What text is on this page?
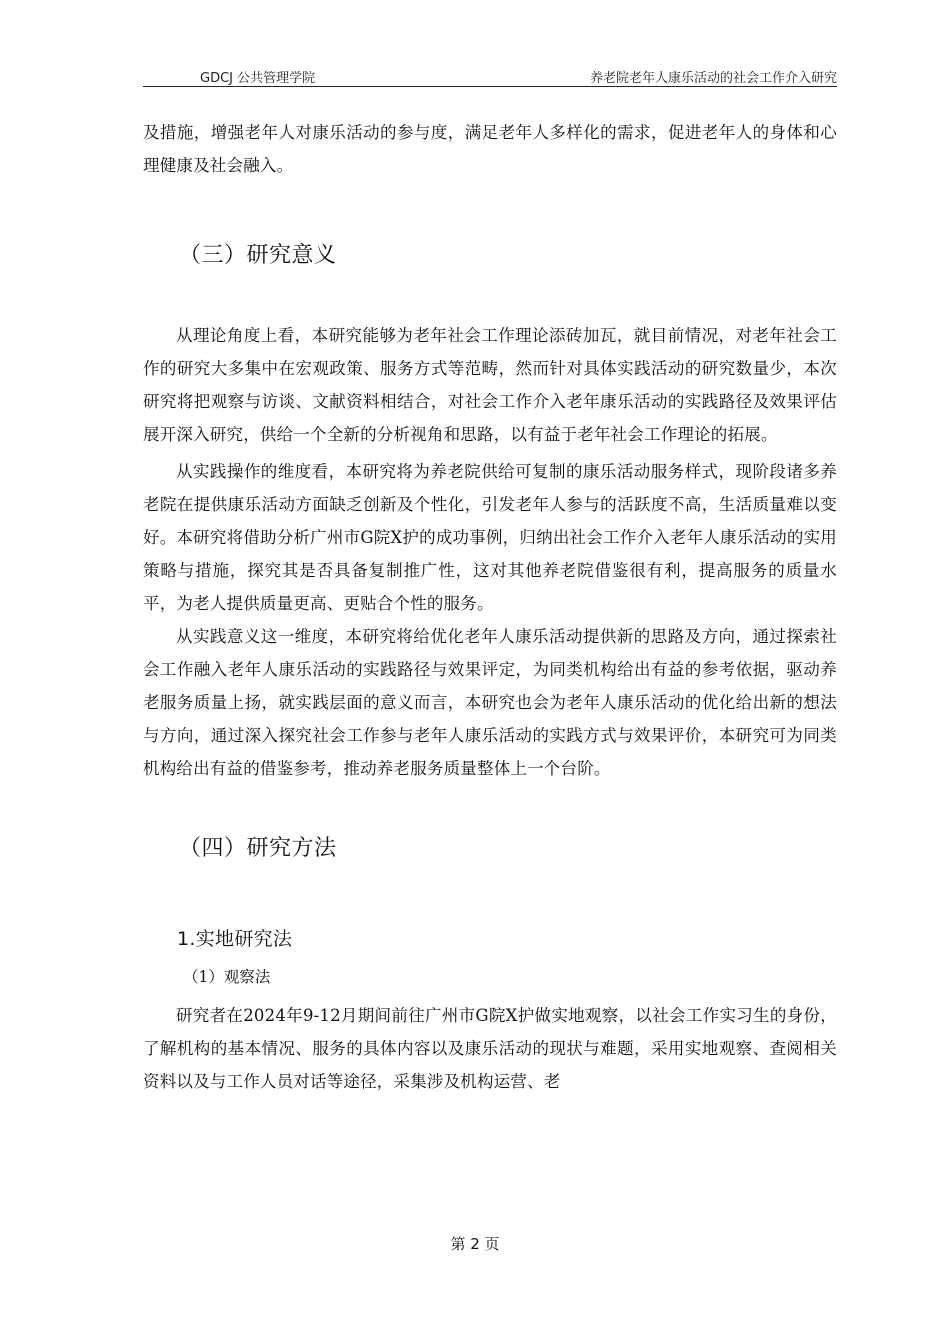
GDCJ 公共管理学院	养老院老年人康乐活动的社会工作介入研究

及措施，增强老年人对康乐活动的参与度，满足老年人多样化的需求，促进老年人的身体和心理健康及社会融入。

（三）研究意义

从理论角度上看，本研究能够为老年社会工作理论添砖加瓦，就目前情况，对老年社会工作的研究大多集中在宏观政策、服务方式等范畴，然而针对具体实践活动的研究数量少，本次研究将把观察与访谈、文献资料相结合，对社会工作介入老年康乐活动的实践路径及效果评估展开深入研究，供给一个全新的分析视角和思路，以有益于老年社会工作理论的拓展。

从实践操作的维度看，本研究将为养老院供给可复制的康乐活动服务样式，现阶段诸多养老院在提供康乐活动方面缺乏创新及个性化，引发老年人参与的活跃度不高，生活质量难以变好。本研究将借助分析广州市G院X护的成功事例，归纳出社会工作介入老年人康乐活动的实用策略与措施，探究其是否具备复制推广性，这对其他养老院借鉴很有利，提高服务的质量水平，为老人提供质量更高、更贴合个性的服务。

从实践意义这一维度，本研究将给优化老年人康乐活动提供新的思路及方向，通过探索社会工作融入老年人康乐活动的实践路径与效果评定，为同类机构给出有益的参考依据，驱动养老服务质量上扬，就实践层面的意义而言，本研究也会为老年人康乐活动的优化给出新的想法与方向，通过深入探究社会工作参与老年人康乐活动的实践方式与效果评价，本研究可为同类机构给出有益的借鉴参考，推动养老服务质量整体上一个台阶。

（四）研究方法
1.实地研究法
（1）观察法

研究者在2024年9-12月期间前往广州市G院X护做实地观察，以社会工作实习生的身份，了解机构的基本情况、服务的具体内容以及康乐活动的现状与难题，采用实地观察、查阅相关资料以及与工作人员对话等途径，采集涉及机构运营、老

第 2 页
